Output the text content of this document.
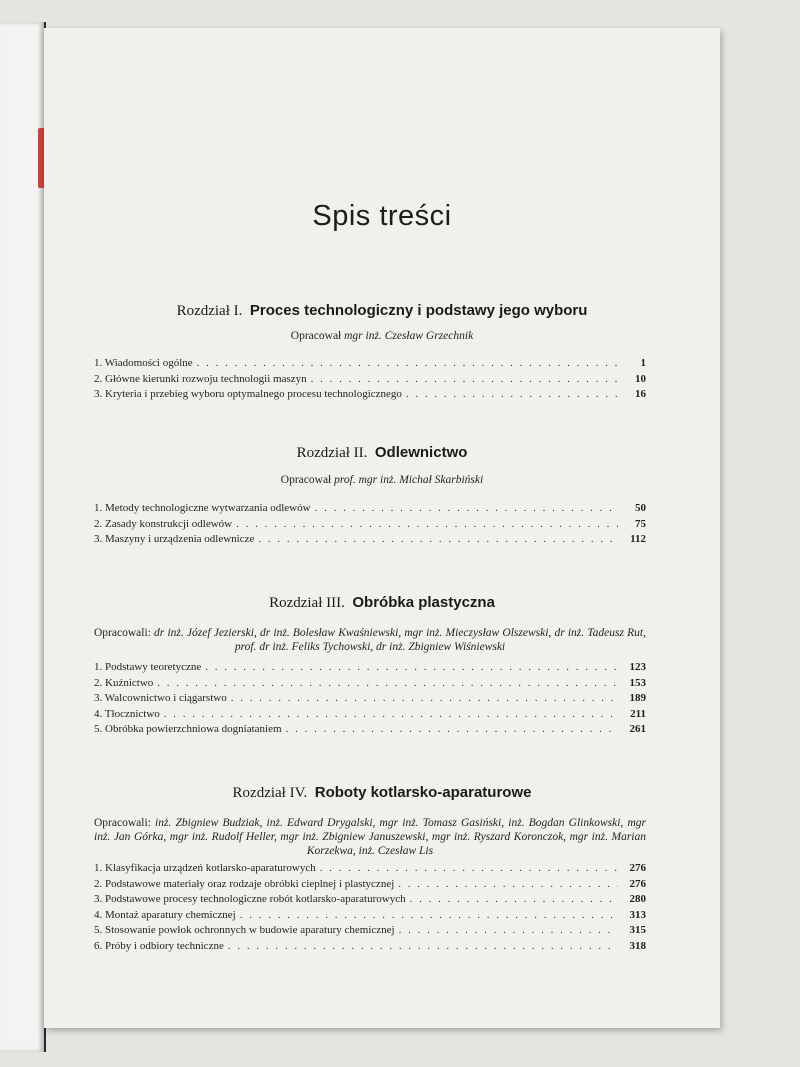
Spis treści
Rozdział I. Proces technologiczny i podstawy jego wyboru
Opracował mgr inż. Czesław Grzechnik
1. Wiadomości ogólne . . .	1
2. Główne kierunki rozwoju technologii maszyn . . .	10
3. Kryteria i przebieg wyboru optymalnego procesu technologicznego . . .	16
Rozdział II. Odlewnictwo
Opracował prof. mgr inż. Michał Skarbiński
1. Metody technologiczne wytwarzania odlewów . . .	50
2. Zasady konstrukcji odlewów . . .	75
3. Maszyny i urządzenia odlewnicze . . .	112
Rozdział III. Obróbka plastyczna
Opracowali: dr inż. Józef Jezierski, dr inż. Bolesław Kwaśniewski, mgr inż. Mieczysław Olszewski, dr inż. Tadeusz Rut, prof. dr inż. Feliks Tychowski, dr inż. Zbigniew Wiśniewski
1. Podstawy teoretyczne . . .	123
2. Kuźnictwo . . .	153
3. Walcownictwo i ciągarstwo . . .	189
4. Tłocznictwo . . .	211
5. Obróbka powierzchniowa dogniataniem . . .	261
Rozdział IV. Roboty kotlarsko-aparaturowe
Opracowali: inż. Zbigniew Budziak, inż. Edward Drygalski, mgr inż. Tomasz Gasiński, inż. Bogdan Glinkowski, mgr inż. Jan Górka, mgr inż. Rudolf Heller, mgr inż. Zbigniew Januszewski, mgr inż. Ryszard Koronczok, mgr inż. Marian Korzekwa, inż. Czesław Lis
1. Klasyfikacja urządzeń kotlarsko-aparaturowych . . .	276
2. Podstawowe materiały oraz rodzaje obróbki cieplnej i plastycznej . . .	276
3. Podstawowe procesy technologiczne robót kotlarsko-aparaturowych . . .	280
4. Montaż aparatury chemicznej . . .	313
5. Stosowanie powłok ochronnych w budowie aparatury chemicznej . . .	315
6. Próby i odbiory techniczne . . .	318
